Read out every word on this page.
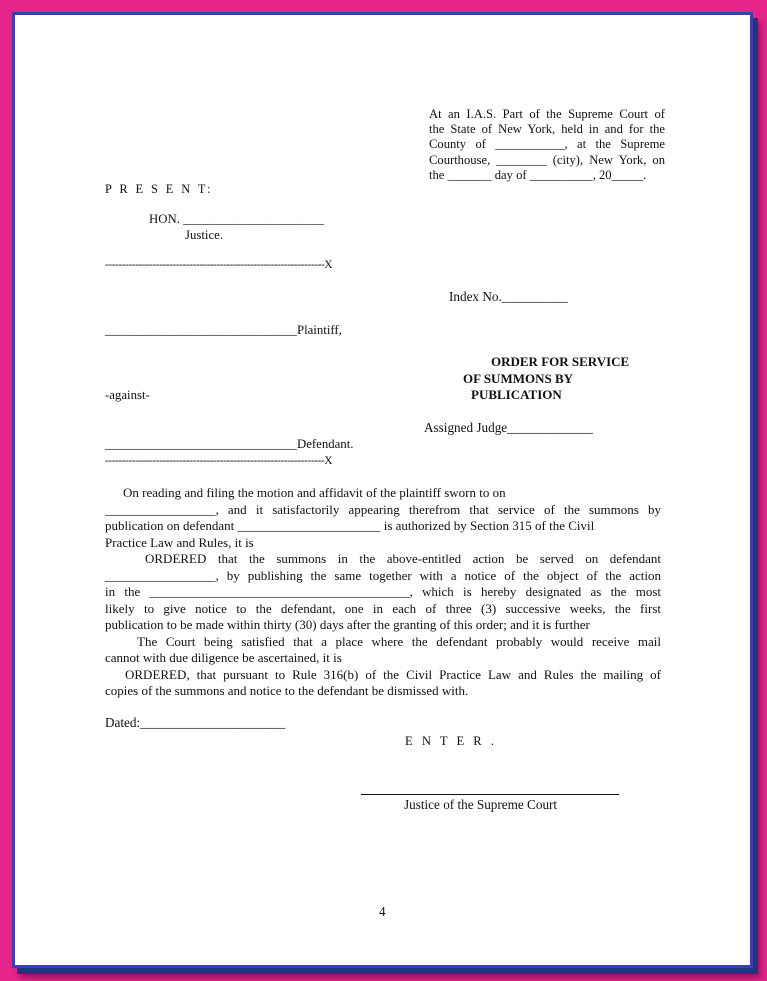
At an I.A.S. Part of the Supreme Court of
the State of New York, held in and for the
County of ___________, at the Supreme
Courthouse, ________ (city), New York, on
the _______ day of __________, 20_____.

P R E S E N T:

HON. ______________________

Justice.

-----------------------------------------------------------------X

Index No.__________

______________________________Plaintiff,

ORDER FOR SERVICE
OF SUMMONS BY
PUBLICATION

-against-

Assigned Judge_____________

______________________________Defendant.

-----------------------------------------------------------------X

On reading and filing the motion and affidavit of the plaintiff sworn to on
_________________, and it satisfactorily appearing therefrom that service of the summons by
publication on defendant ______________________ is authorized by Section 315 of the Civil
Practice Law and Rules, it is
ORDERED that the summons in the above-entitled action be served on defendant
_________________, by publishing the same together with a notice of the object of the action
in the ________________________________________, which is hereby designated as the most
likely to give notice to the defendant, one in each of three (3) successive weeks, the first
publication to be made within thirty (30) days after the granting of this order; and it is further
The Court being satisfied that a place where the defendant probably would receive mail
cannot with due diligence be ascertained, it is
ORDERED, that pursuant to Rule 316(b) of the Civil Practice Law and Rules the mailing of
copies of the summons and notice to the defendant be dismissed with.

Dated:______________________

E N T E R .

Justice of the Supreme Court

4
